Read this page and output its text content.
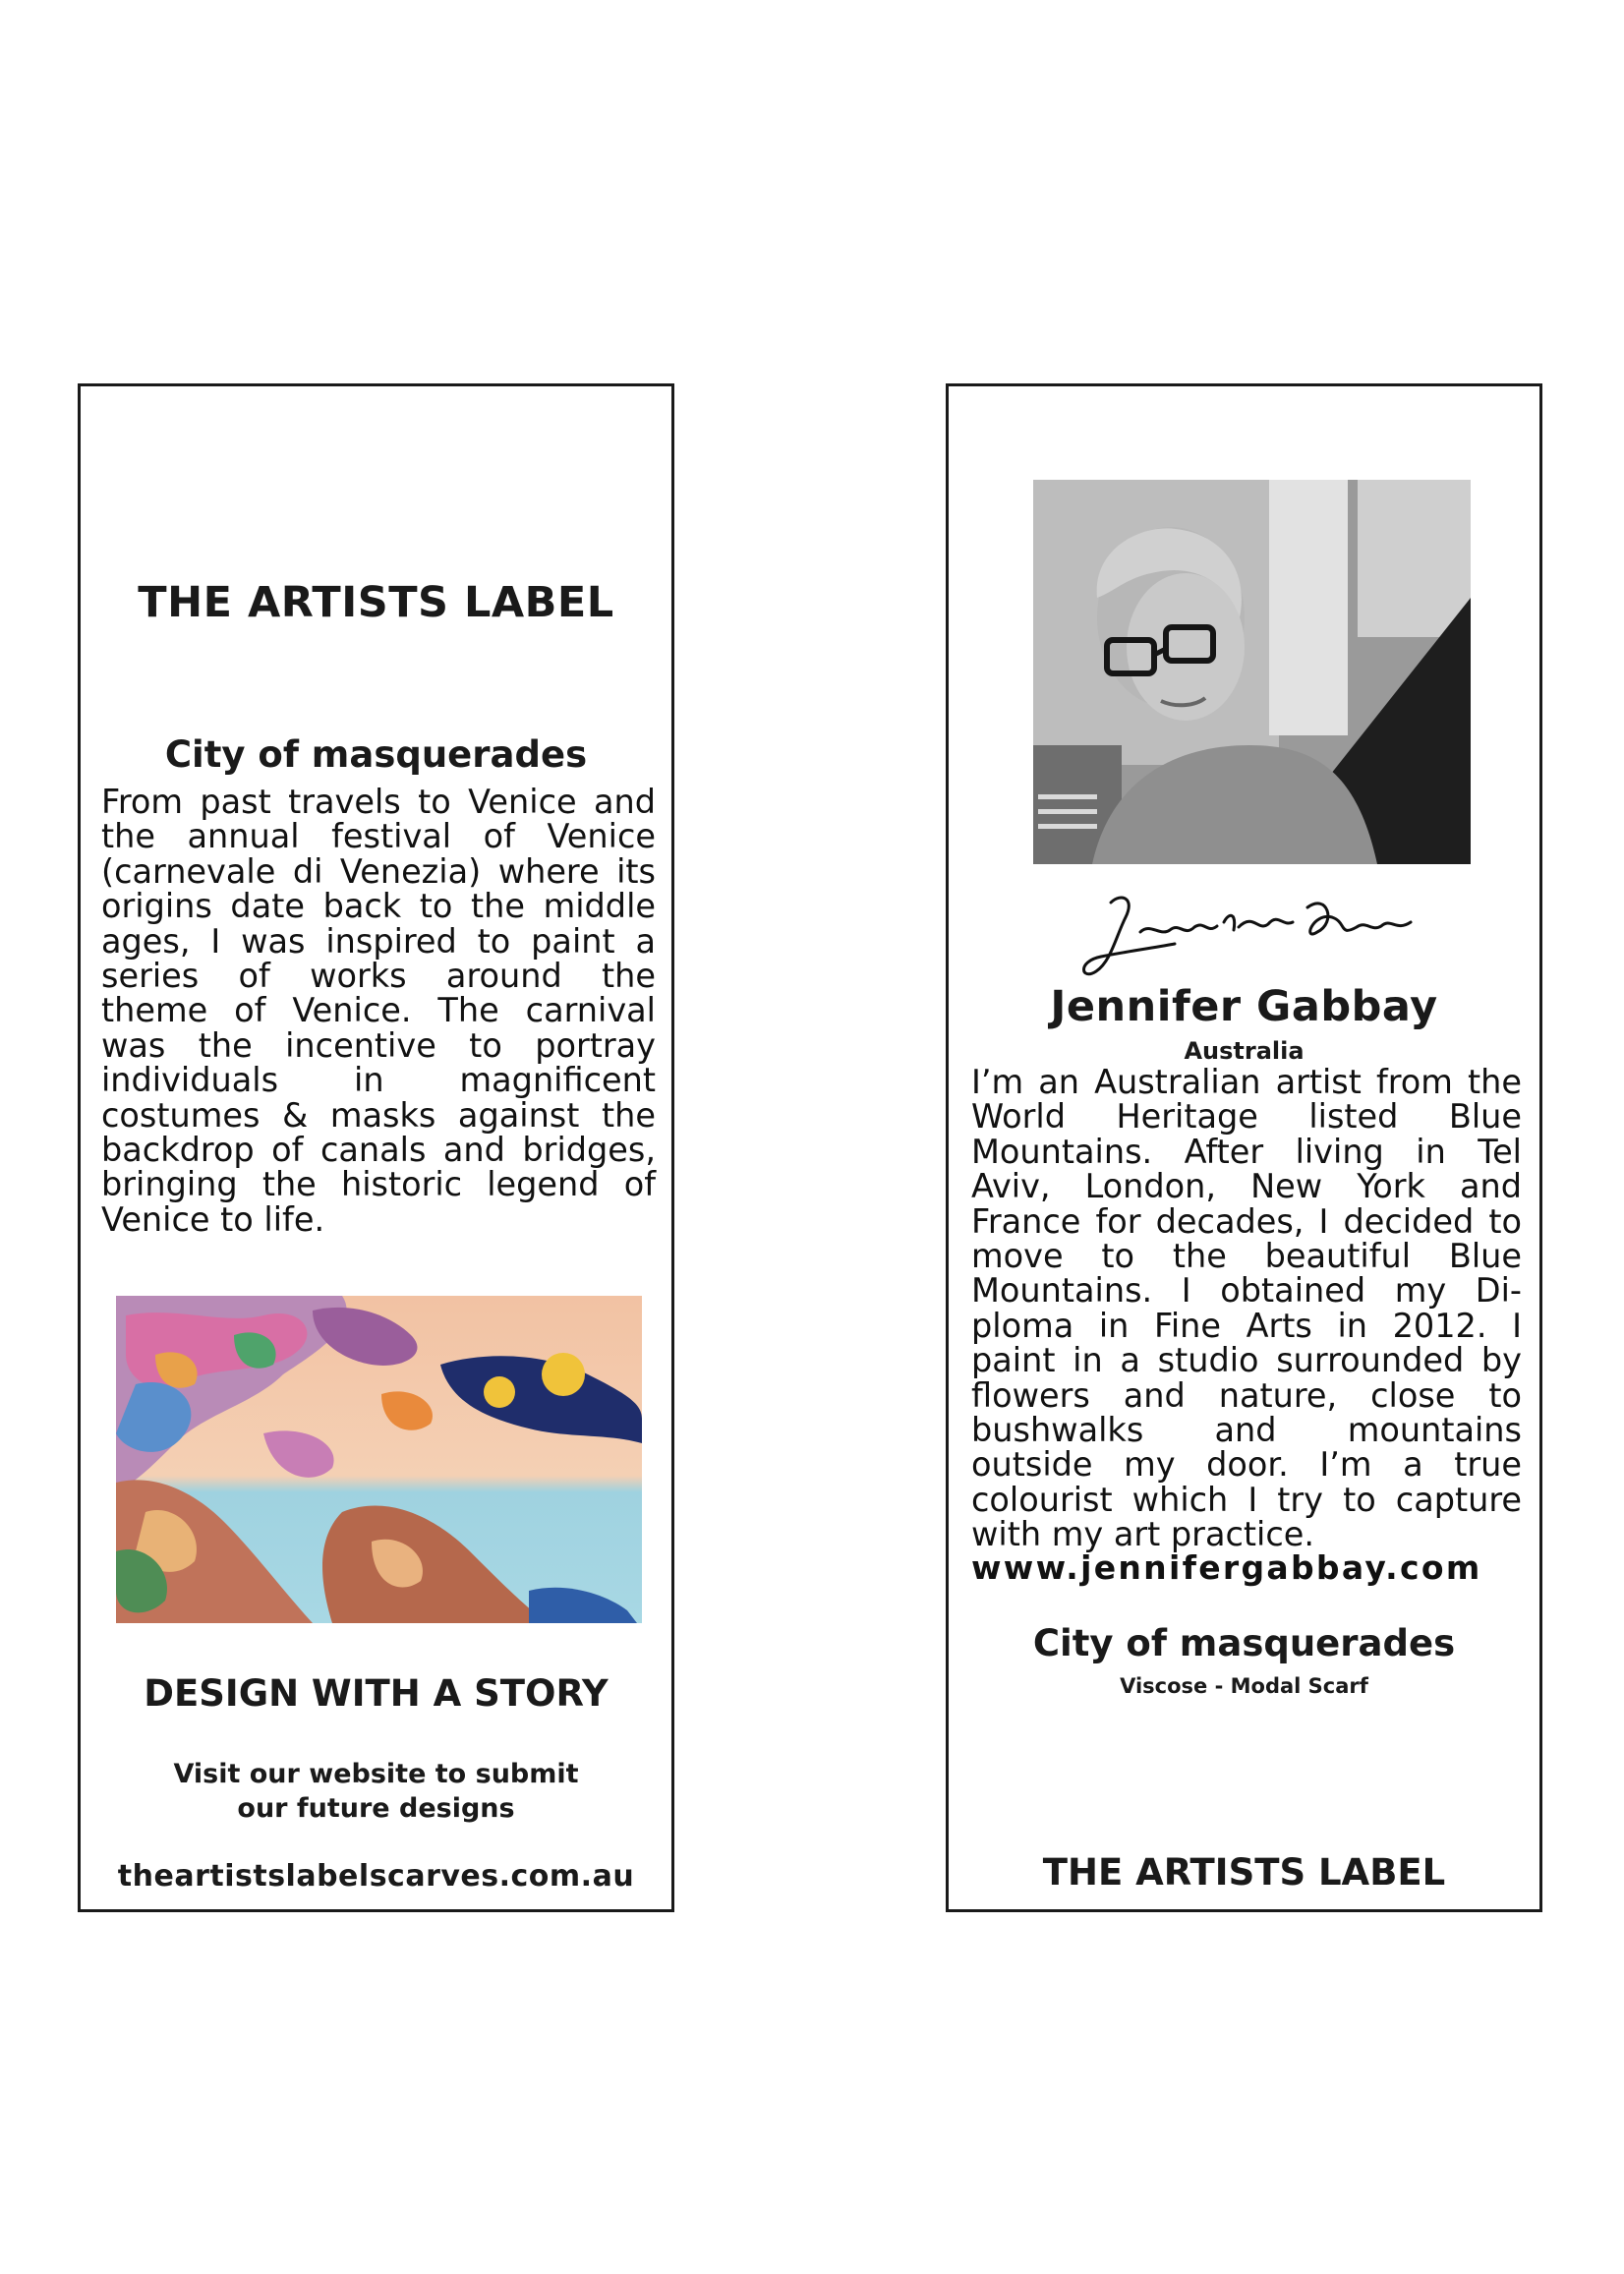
THE ARTISTS LABEL
City of masquerades

From past travels to Venice and the annual festival of Venice (carnevale di Venezia) where its origins date back to the middle ages, I was inspired to paint a series of works around the theme of Venice. The carnival was the incentive to portray individuals in magnificent costumes & masks against the backdrop of canals and bridges, bringing the historic legend of Venice to life.

DESIGN WITH A STORY
Visit our website to submit
our future designs
theartistslabelscarves.com.au
Jennifer Gabbay
Australia

I’m an Australian artist from the World Heritage listed Blue Mountains. After living in Tel Aviv, London, New York and France for decades, I decided to move to the beautiful Blue Mountains. I obtained my Diploma in Fine Arts in 2012. I paint in a studio surrounded by flowers and nature, close to bushwalks and mountains outside my door. I’m a true colourist which I try to capture with my art practice.

www.jennifergabbay.com
City of masquerades
Viscose - Modal Scarf
THE ARTISTS LABEL
